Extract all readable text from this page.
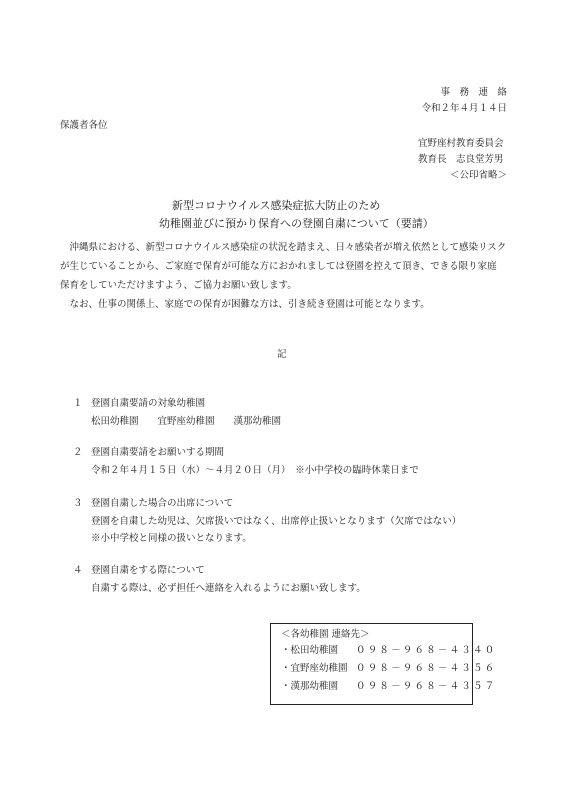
事　務　連　絡
令和２年４月１４日
保護者各位
宜野座村教育委員会
教育長　志良堂芳男
＜公印省略＞
新型コロナウイルス感染症拡大防止のため
幼稚園並びに預かり保育への登園自粛について（要請）
　沖縄県における、新型コロナウイルス感染症の状況を踏まえ、日々感染者が増え依然として感染リスク
が生じていることから、ご家庭で保育が可能な方におかれましては登園を控えて頂き、できる限り家庭
保育をしていただけますよう、ご協力お願い致します。
　なお、仕事の関係上、家庭での保育が困難な方は、引き続き登園は可能となります。
記
１ 登園自粛要請の対象幼稚園
松田幼稚園　　宜野座幼稚園　　漢那幼稚園
２ 登園自粛要請をお願いする期間
令和２年４月１５日（水）～４月２０日（月）　※小中学校の臨時休業日まで
３ 登園自粛した場合の出席について
登園を自粛した幼児は、欠席扱いではなく、出席停止扱いとなります（欠席ではない）
※小中学校と同様の扱いとなります。
４ 登園自粛をする際について
自粛する際は、必ず担任へ連絡を入れるようにお願い致します。
＜各幼稚園 連絡先＞
・松田幼稚園 ０９８－９６８－４３４０
・宜野座幼稚園 ０９８－９６８－４３５６
・漢那幼稚園 ０９８－９６８－４３５７
